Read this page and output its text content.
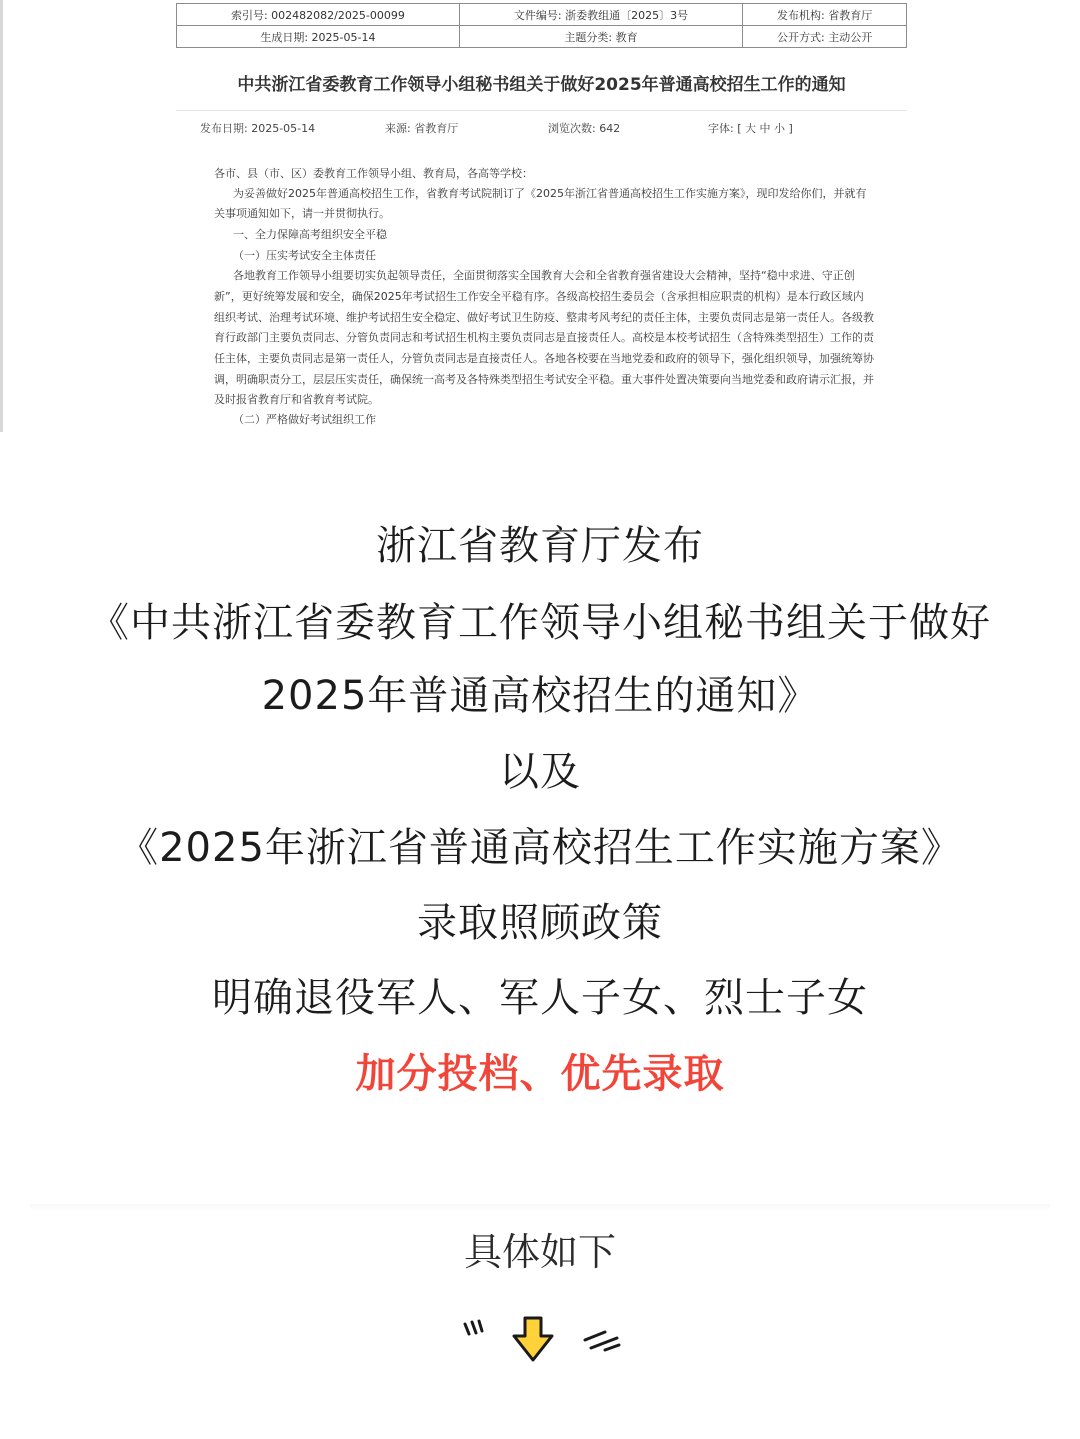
索引号: 002482082/2025-00099	文件编号: 浙委教组通〔2025〕3号	发布机构: 省教育厅
生成日期: 2025-05-14	主题分类: 教育	公开方式: 主动公开
中共浙江省委教育工作领导小组秘书组关于做好2025年普通高校招生工作的通知
发布日期: 2025-05-14	来源: 省教育厅	浏览次数: 642	字体: [ 大 中 小 ]
各市、县（市、区）委教育工作领导小组、教育局，各高等学校：
为妥善做好2025年普通高校招生工作，省教育考试院制订了《2025年浙江省普通高校招生工作实施方案》，现印发给你们，并就有
关事项通知如下，请一并贯彻执行。
一、全力保障高考组织安全平稳
（一）压实考试安全主体责任
各地教育工作领导小组要切实负起领导责任，全面贯彻落实全国教育大会和全省教育强省建设大会精神，坚持“稳中求进、守正创
新”，更好统筹发展和安全，确保2025年考试招生工作安全平稳有序。各级高校招生委员会（含承担相应职责的机构）是本行政区域内
组织考试、治理考试环境、维护考试招生安全稳定、做好考试卫生防疫、整肃考风考纪的责任主体，主要负责同志是第一责任人。各级教
育行政部门主要负责同志、分管负责同志和考试招生机构主要负责同志是直接责任人。高校是本校考试招生（含特殊类型招生）工作的责
任主体，主要负责同志是第一责任人，分管负责同志是直接责任人。各地各校要在当地党委和政府的领导下，强化组织领导，加强统筹协
调，明确职责分工，层层压实责任，确保统一高考及各特殊类型招生考试安全平稳。重大事件处置决策要向当地党委和政府请示汇报，并
及时报省教育厅和省教育考试院。
（二）严格做好考试组织工作
浙江省教育厅发布
《中共浙江省委教育工作领导小组秘书组关于做好
2025年普通高校招生的通知》
以及
《2025年浙江省普通高校招生工作实施方案》
录取照顾政策
明确退役军人、军人子女、烈士子女
加分投档、优先录取
具体如下
